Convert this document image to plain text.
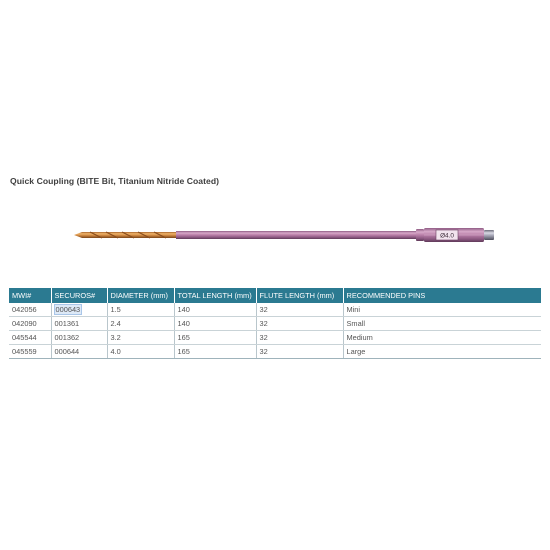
Quick Coupling (BITE Bit, Titanium Nitride Coated)
Ø4.0
MWI#	SECUROS#	DIAMETER (mm)	TOTAL LENGTH (mm)	FLUTE LENGTH (mm)	RECOMMENDED PINS
042056	000643	1.5	140	32	Mini
042090	001361	2.4	140	32	Small
045544	001362	3.2	165	32	Medium
045559	000644	4.0	165	32	Large
